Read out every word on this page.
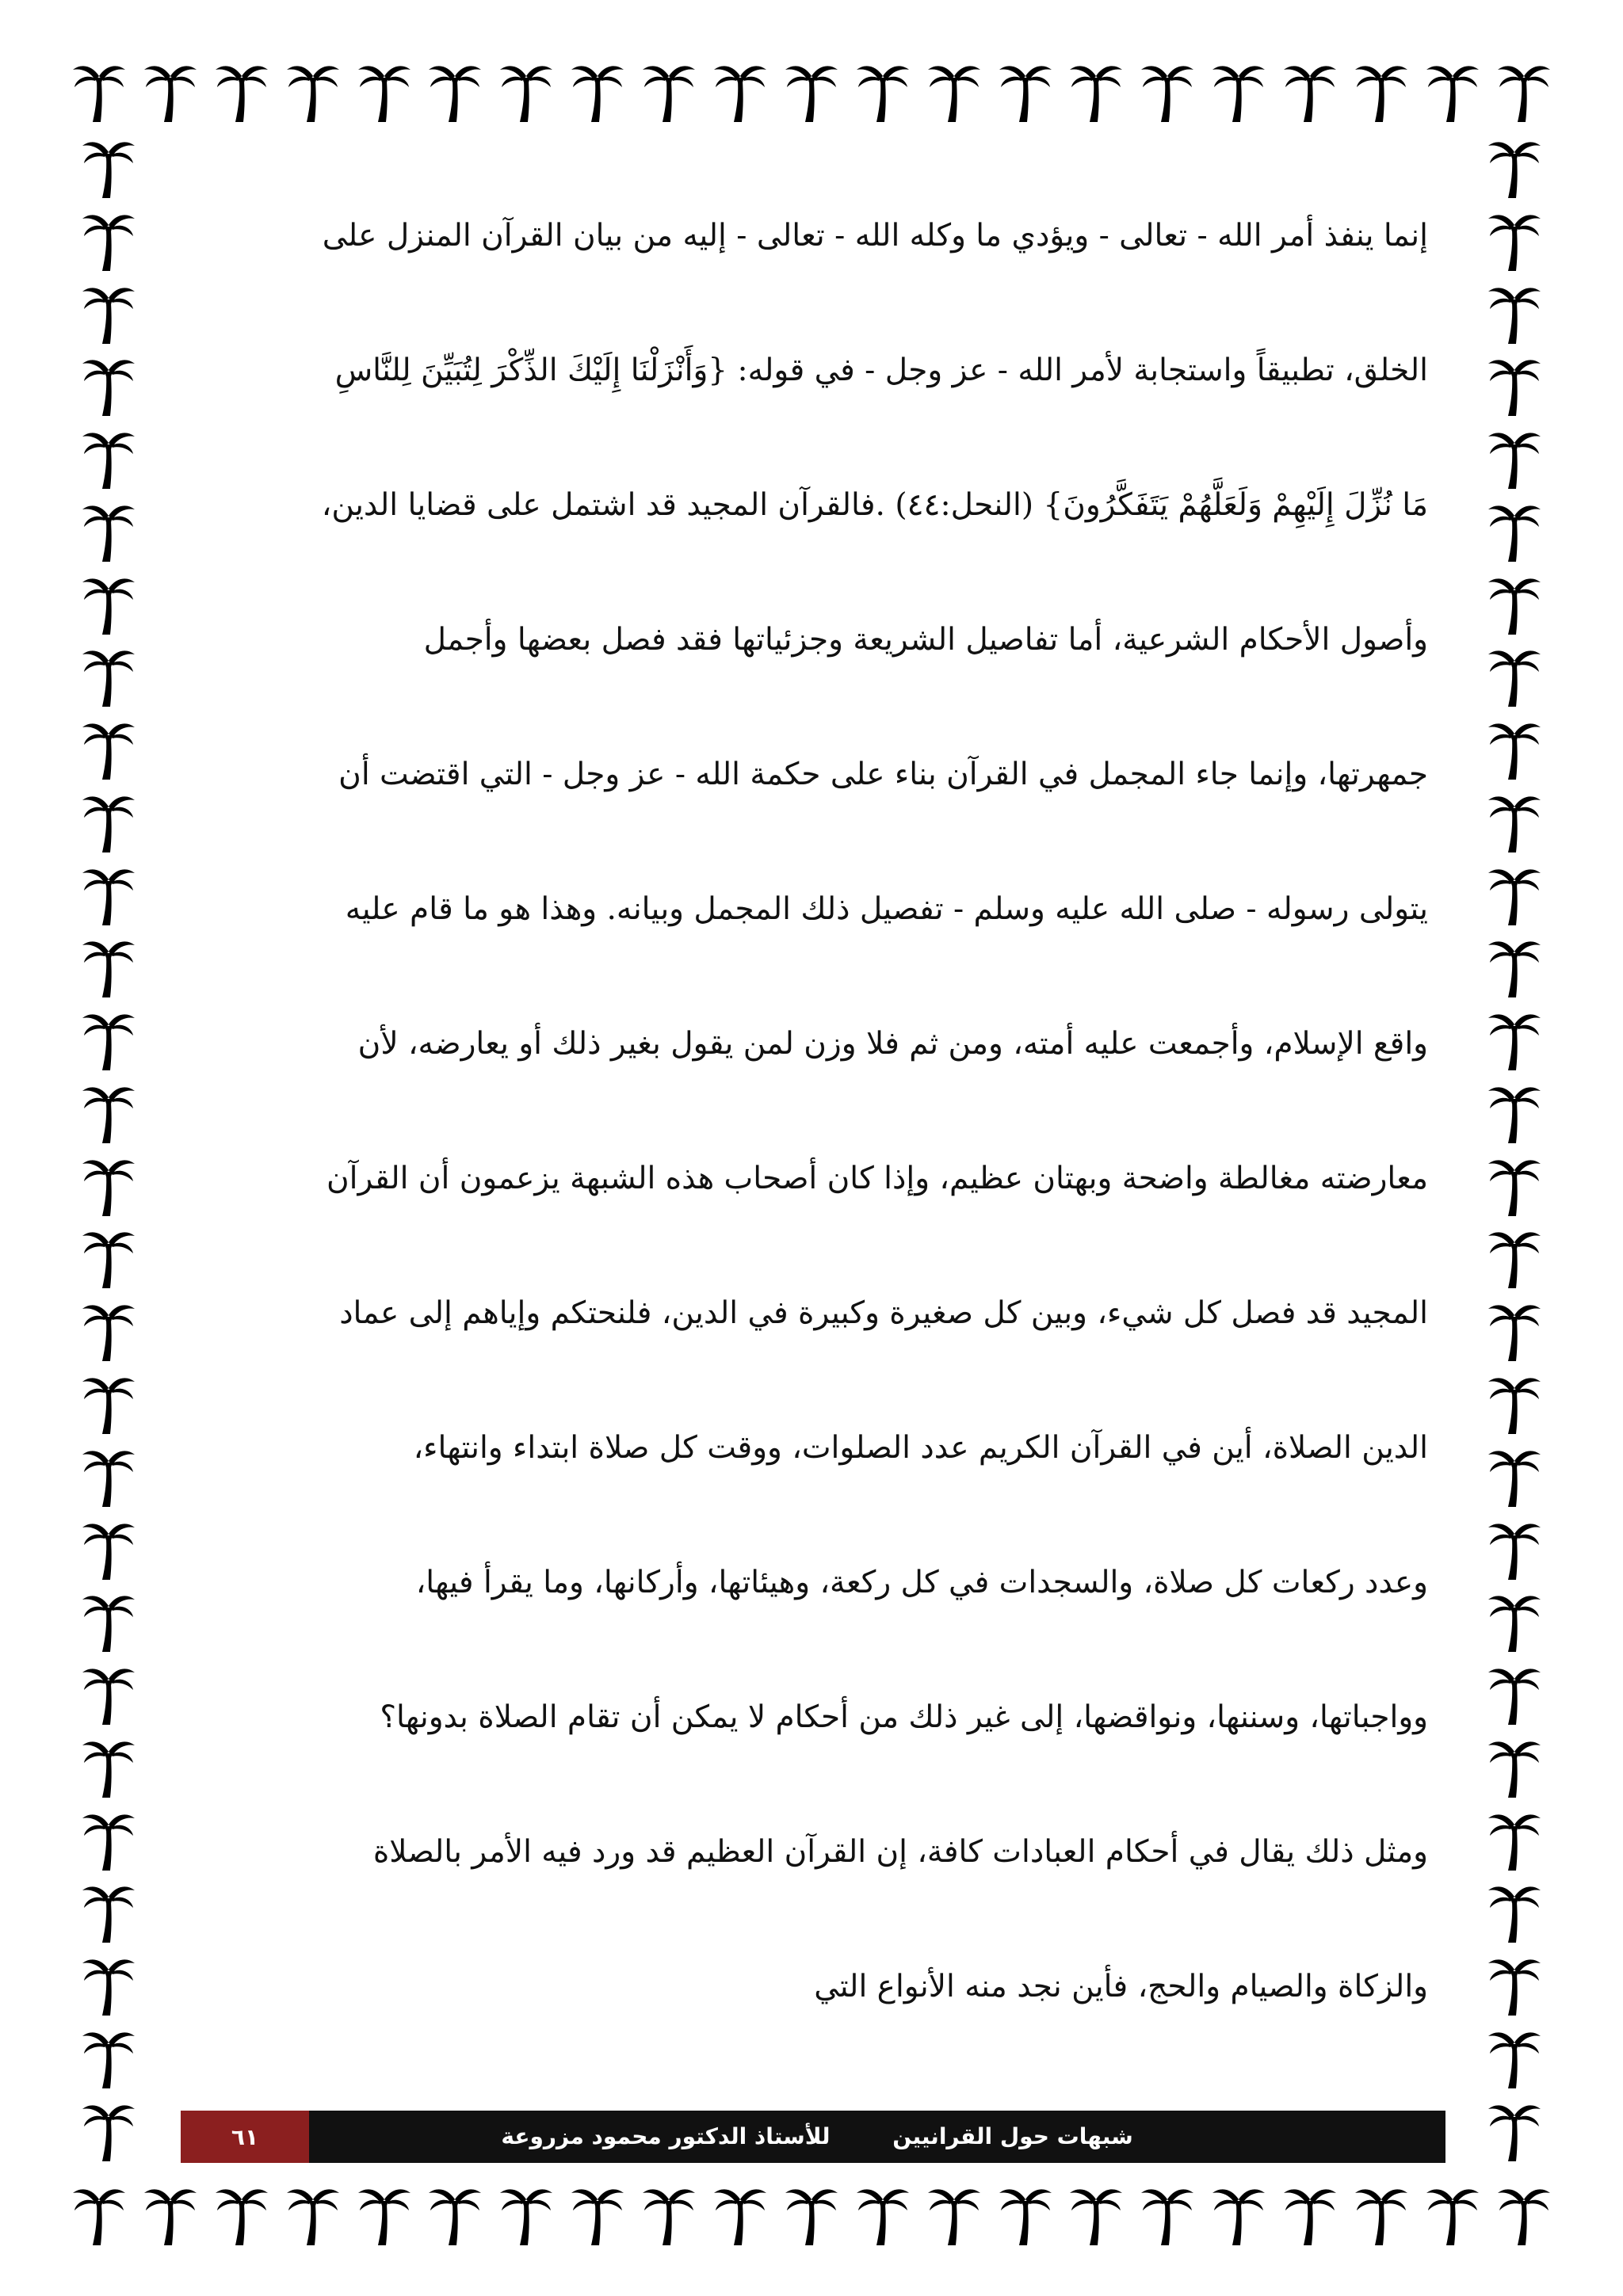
إنما ينفذ أمر الله - تعالى - ويؤدي ما وكله الله - تعالى - إليه من بيان القرآن المنزل على
الخلق، تطبيقاً واستجابة لأمر الله - عز وجل - في قوله: {وَأَنْزَلْنَا إِلَيْكَ الذِّكْرَ لِتُبَيِّنَ لِلنَّاسِ
مَا نُزِّلَ إِلَيْهِمْ وَلَعَلَّهُمْ يَتَفَكَّرُونَ} (النحل:٤٤) .فالقرآن المجيد قد اشتمل على قضايا الدين،
وأصول الأحكام الشرعية، أما تفاصيل الشريعة وجزئياتها فقد فصل بعضها وأجمل
جمهرتها، وإنما جاء المجمل في القرآن بناء على حكمة الله - عز وجل - التي اقتضت أن
يتولى رسوله - صلى الله عليه وسلم - تفصيل ذلك المجمل وبيانه. وهذا هو ما قام عليه
واقع الإسلام، وأجمعت عليه أمته، ومن ثم فلا وزن لمن يقول بغير ذلك أو يعارضه، لأن
معارضته مغالطة واضحة وبهتان عظيم، وإذا كان أصحاب هذه الشبهة يزعمون أن القرآن
المجيد قد فصل كل شيء، وبين كل صغيرة وكبيرة في الدين، فلنحتكم وإياهم إلى عماد
الدين الصلاة، أين في القرآن الكريم عدد الصلوات، ووقت كل صلاة ابتداء وانتهاء،
وعدد ركعات كل صلاة، والسجدات في كل ركعة، وهيئاتها، وأركانها، وما يقرأ فيها،
وواجباتها، وسننها، ونواقضها، إلى غير ذلك من أحكام لا يمكن أن تقام الصلاة بدونها؟
ومثل ذلك يقال في أحكام العبادات كافة، إن القرآن العظيم قد ورد فيه الأمر بالصلاة
والزكاة والصيام والحج، فأين نجد منه الأنواع التي
٦١	للأستاذ الدكتور محمود مزروعة	شبهات حول القرانيين
